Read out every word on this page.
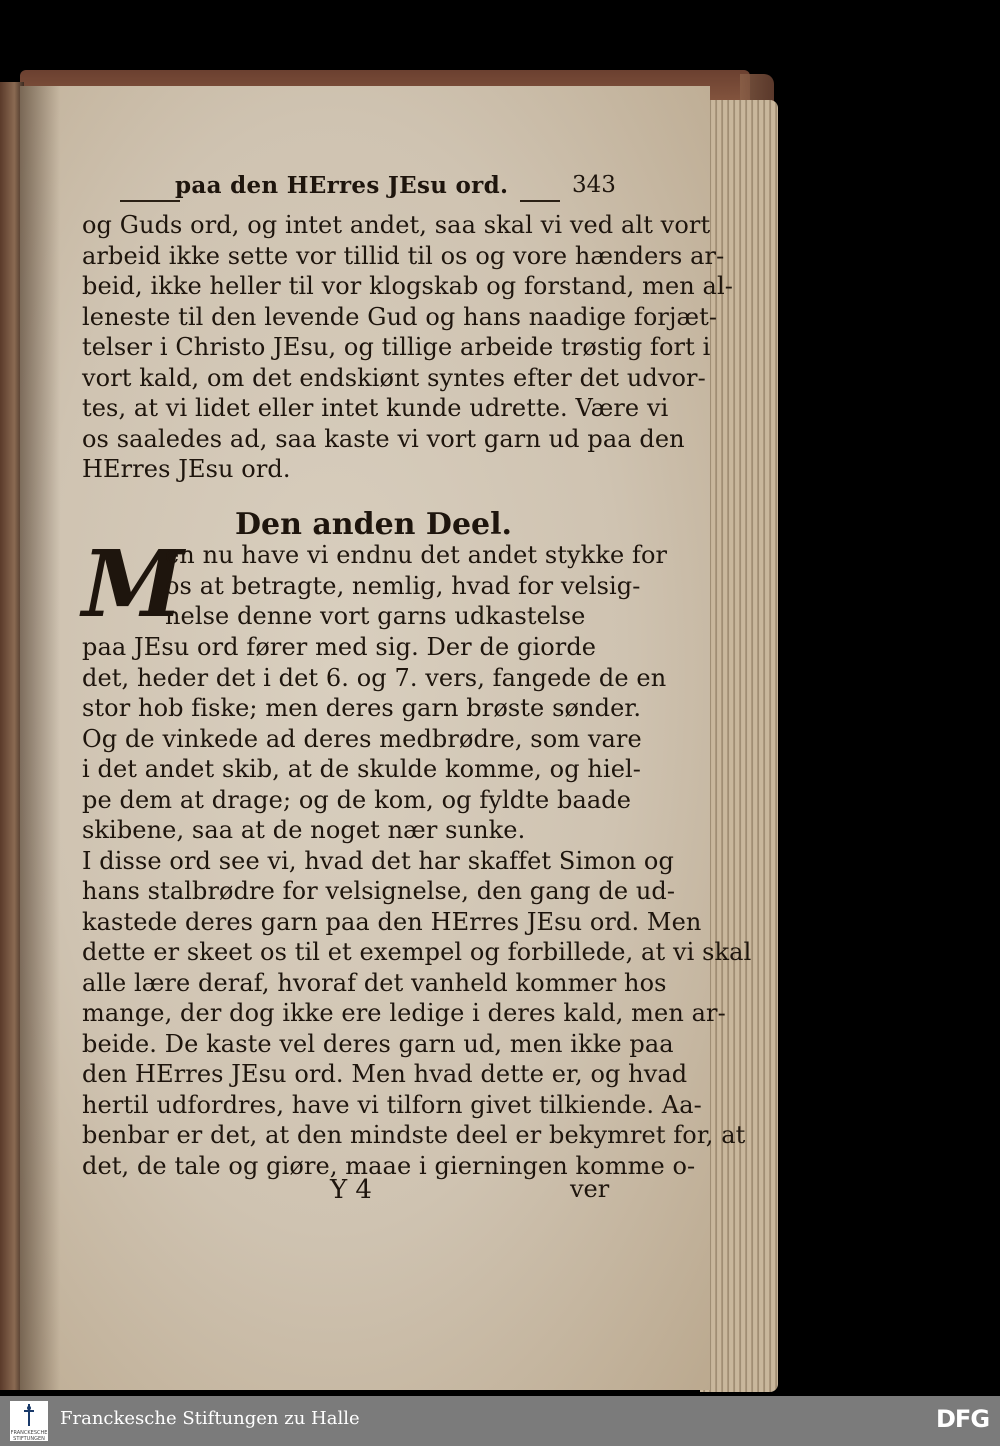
paa den HErres JEsu ord.	343
og Guds ord, og intet andet, saa skal vi ved alt vort
arbeid ikke sette vor tillid til os og vore hænders ar-
beid, ikke heller til vor klogskab og forstand, men al-
leneste til den levende Gud og hans naadige forjæt-
telser i Christo JEsu, og tillige arbeide trøstig fort i
vort kald, om det endskiønt syntes efter det udvor-
tes, at vi lidet eller intet kunde udrette. Være vi
os saaledes ad, saa kaste vi vort garn ud paa den
HErres JEsu ord.
Den anden Deel.
M
en nu have vi endnu det andet stykke for
os at betragte, nemlig, hvad for velsig-
nelse denne vort garns udkastelse
paa JEsu ord fører med sig. Der de giorde
det, heder det i det 6. og 7. vers, fangede de en
stor hob fiske; men deres garn brøste sønder.
Og de vinkede ad deres medbrødre, som vare
i det andet skib, at de skulde komme, og hiel-
pe dem at drage; og de kom, og fyldte baade
skibene, saa at de noget nær sunke.
I disse ord see vi, hvad det har skaffet Simon og
hans stalbrødre for velsignelse, den gang de ud-
kastede deres garn paa den HErres JEsu ord. Men
dette er skeet os til et exempel og forbillede, at vi skal
alle lære deraf, hvoraf det vanheld kommer hos
mange, der dog ikke ere ledige i deres kald, men ar-
beide. De kaste vel deres garn ud, men ikke paa
den HErres JEsu ord. Men hvad dette er, og hvad
hertil udfordres, have vi tilforn givet tilkiende. Aa-
benbar er det, at den mindste deel er bekymret for, at
det, de tale og giøre, maae i gierningen komme o-
Y 4	ver
FRANCKESCHE STIFTUNGEN
Franckesche Stiftungen zu Halle	DFG
